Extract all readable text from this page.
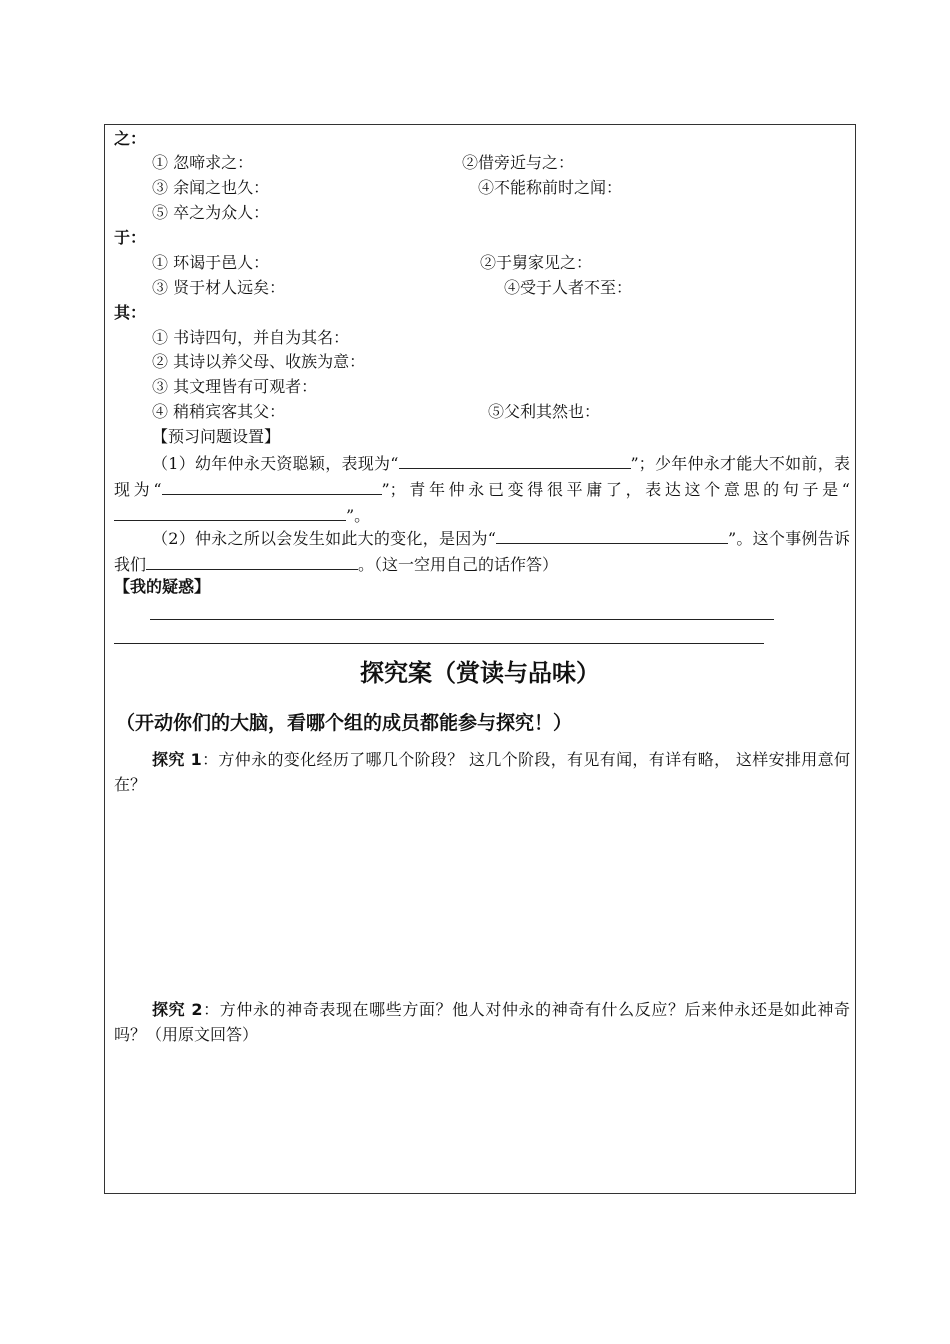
之：
① 忽啼求之：	②借旁近与之：
③ 余闻之也久：	④不能称前时之闻：
⑤ 卒之为众人：
于：
① 环谒于邑人：	②于舅家见之：
③ 贤于材人远矣：	④受于人者不至：
其：
① 书诗四句，并自为其名：
② 其诗以养父母、收族为意：
③ 其文理皆有可观者：
④ 稍稍宾客其父：	⑤父利其然也：
【预习问题设置】
（1）幼年仲永天资聪颖，表现为“	”；少年仲永才能大不如前，表现为“	”；青年仲永已变得很平庸了，表达这个意思的句子是“”。
（2）仲永之所以会发生如此大的变化，是因为“	”。这个事例告诉我们	。（这一空用自己的话作答）
【我的疑惑】
探究案（赏读与品味）
（开动你们的大脑，看哪个组的成员都能参与探究！）
探究 1：方仲永的变化经历了哪几个阶段？ 这几个阶段，有见有闻，有详有略， 这样安排用意何在？
探究 2：方仲永的神奇表现在哪些方面？他人对仲永的神奇有什么反应？后来仲永还是如此神奇吗？（用原文回答）
